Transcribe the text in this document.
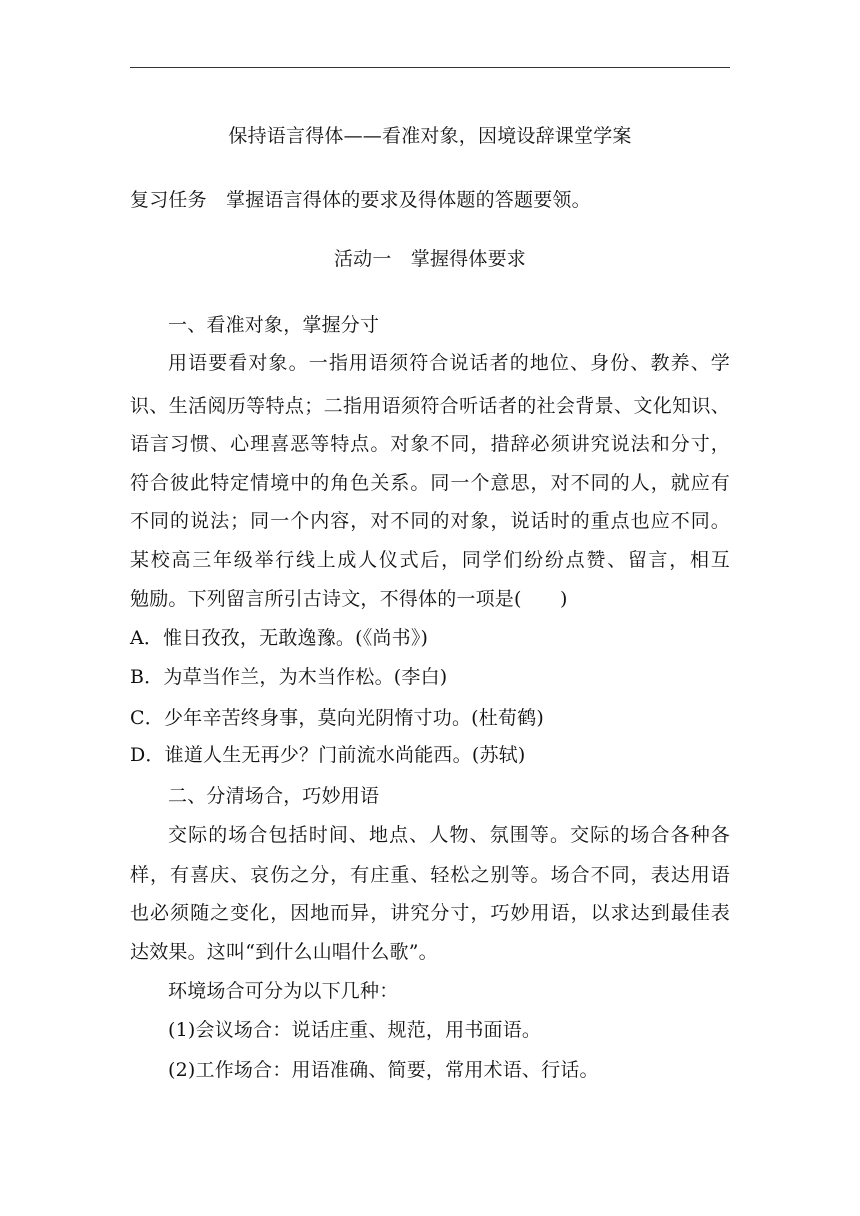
保持语言得体——看准对象，因境设辞课堂学案
复习任务　掌握语言得体的要求及得体题的答题要领。
活动一　掌握得体要求
一、看准对象，掌握分寸
用语要看对象。一指用语须符合说话者的地位、身份、教养、学
识、生活阅历等特点；二指用语须符合听话者的社会背景、文化知识、
语言习惯、心理喜恶等特点。对象不同，措辞必须讲究说法和分寸，
符合彼此特定情境中的角色关系。同一个意思，对不同的人，就应有
不同的说法；同一个内容，对不同的对象，说话时的重点也应不同。
某校高三年级举行线上成人仪式后，同学们纷纷点赞、留言，相互
勉励。下列留言所引古诗文，不得体的一项是(　　)
A．惟日孜孜，无敢逸豫。(《尚书》)
B．为草当作兰，为木当作松。(李白)
C．少年辛苦终身事，莫向光阴惰寸功。(杜荀鹤)
D．谁道人生无再少？门前流水尚能西。(苏轼)
二、分清场合，巧妙用语
交际的场合包括时间、地点、人物、氛围等。交际的场合各种各
样，有喜庆、哀伤之分，有庄重、轻松之别等。场合不同，表达用语
也必须随之变化，因地而异，讲究分寸，巧妙用语，以求达到最佳表
达效果。这叫“到什么山唱什么歌”。
环境场合可分为以下几种：
(1)会议场合：说话庄重、规范，用书面语。
(2)工作场合：用语准确、简要，常用术语、行话。
